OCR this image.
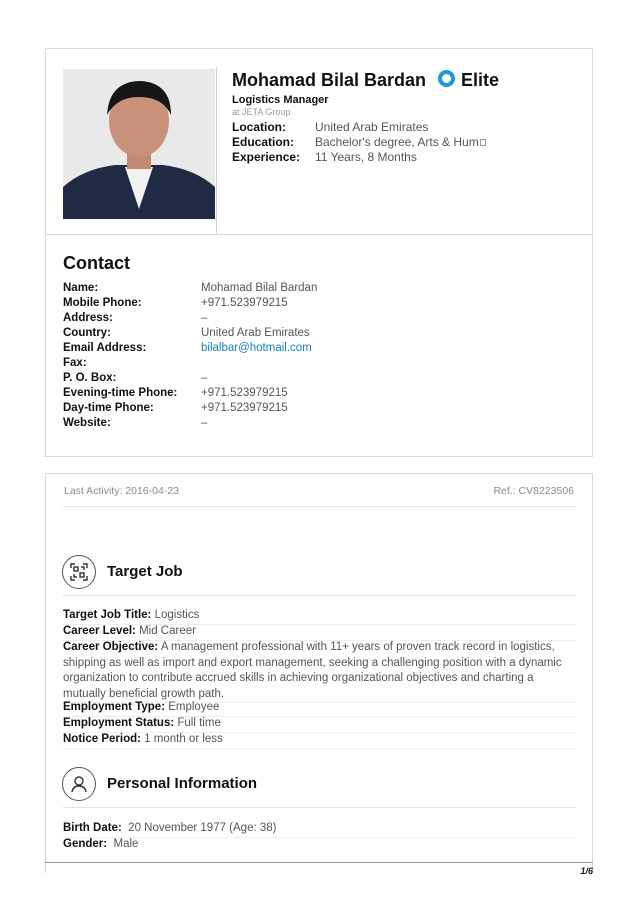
Mohamad Bilal Bardan Elite
Logistics Manager
at JETA Group
Location:	United Arab Emirates
Education:	Bachelor's degree, Arts & Hum
Experience:	11 Years, 8 Months
Contact
Name:	Mohamad Bilal Bardan
Mobile Phone:	+971.523979215
Address:	–
Country:	United Arab Emirates
Email Address:	bilalbar@hotmail.com
Fax:
P. O. Box:	–
Evening-time Phone:	+971.523979215
Day-time Phone:	+971.523979215
Website:	–
Last Activity: 2016-04-23	Ref.: CV8223506
Target Job
Target Job Title: Logistics
Career Level: Mid Career
Career Objective: A management professional with 11+ years of proven track record in logistics, shipping as well as import and export management, seeking a challenging position with a dynamic organization to contribute accrued skills in achieving organizational objectives and charting a mutually beneficial growth path.
Employment Type: Employee
Employment Status: Full time
Notice Period: 1 month or less
Personal Information
Birth Date: 20 November 1977 (Age: 38)
Gender: Male
1/6
